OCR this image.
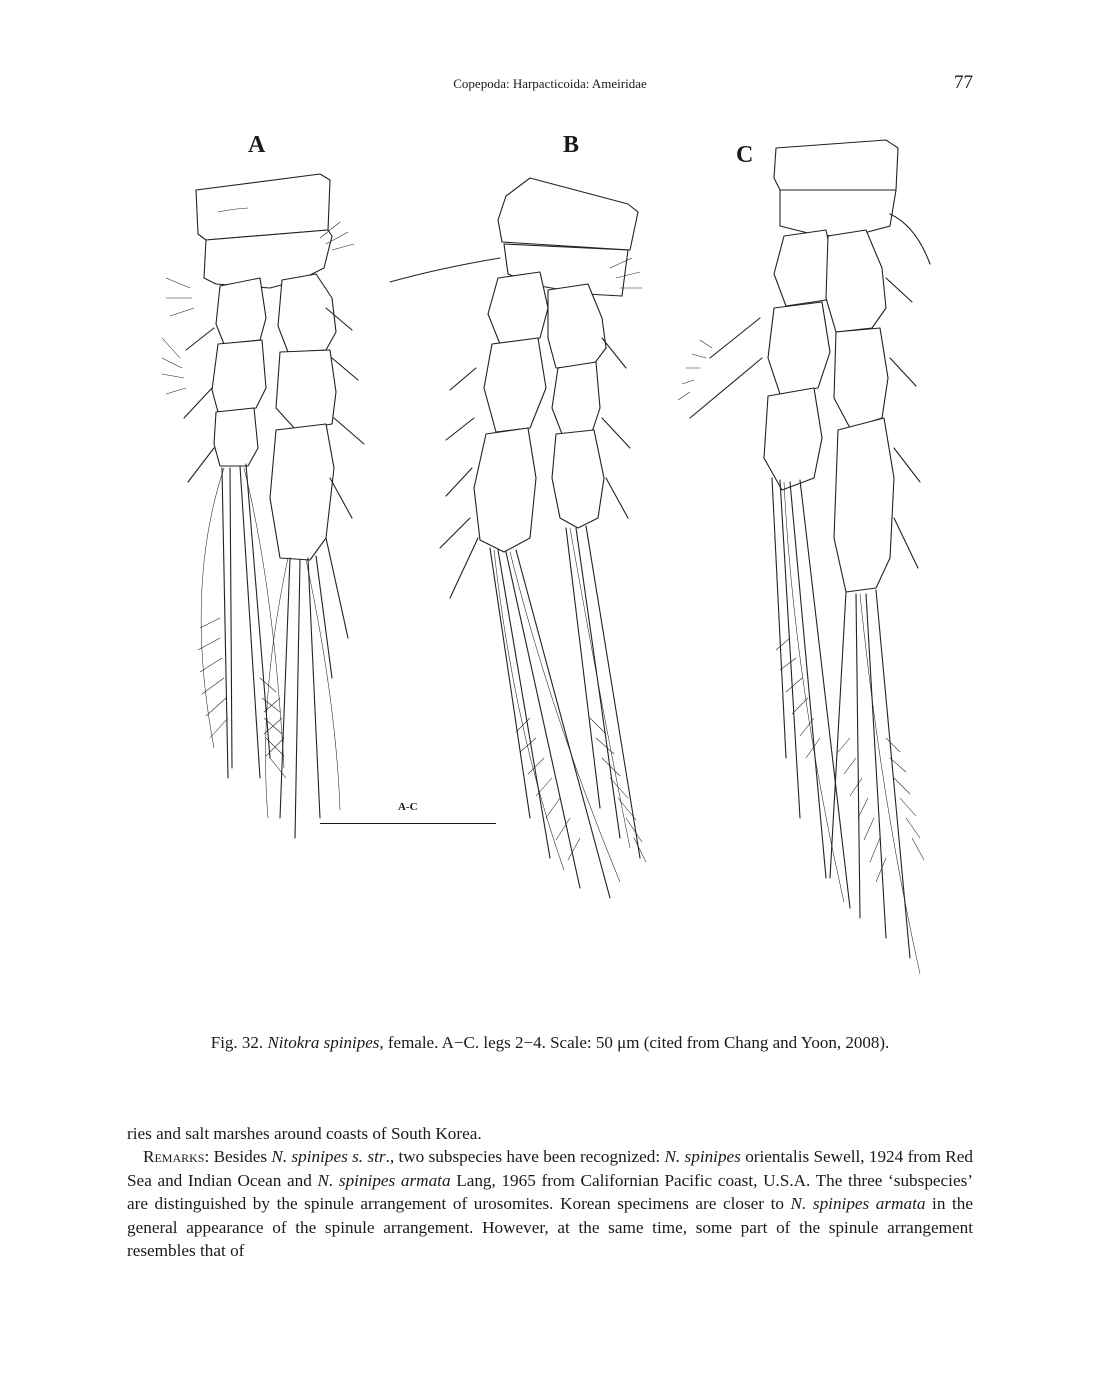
Copepoda: Harpacticoida: Ameiridae	77
A	B	C
A-C
Fig. 32. Nitokra spinipes, female. A−C. legs 2−4. Scale: 50 μm (cited from Chang and Yoon, 2008).

ries and salt marshes around coasts of South Korea.

Remarks: Besides N. spinipes s. str., two subspecies have been recognized: N. spinipes orientalis Sewell, 1924 from Red Sea and Indian Ocean and N. spinipes armata Lang, 1965 from Californian Pacific coast, U.S.A. The three ‘subspecies’ are distinguished by the spinule arrangement of urosomites. Korean specimens are closer to N. spinipes armata in the general appearance of the spinule arrangement. However, at the same time, some part of the spinule arrangement resembles that of
